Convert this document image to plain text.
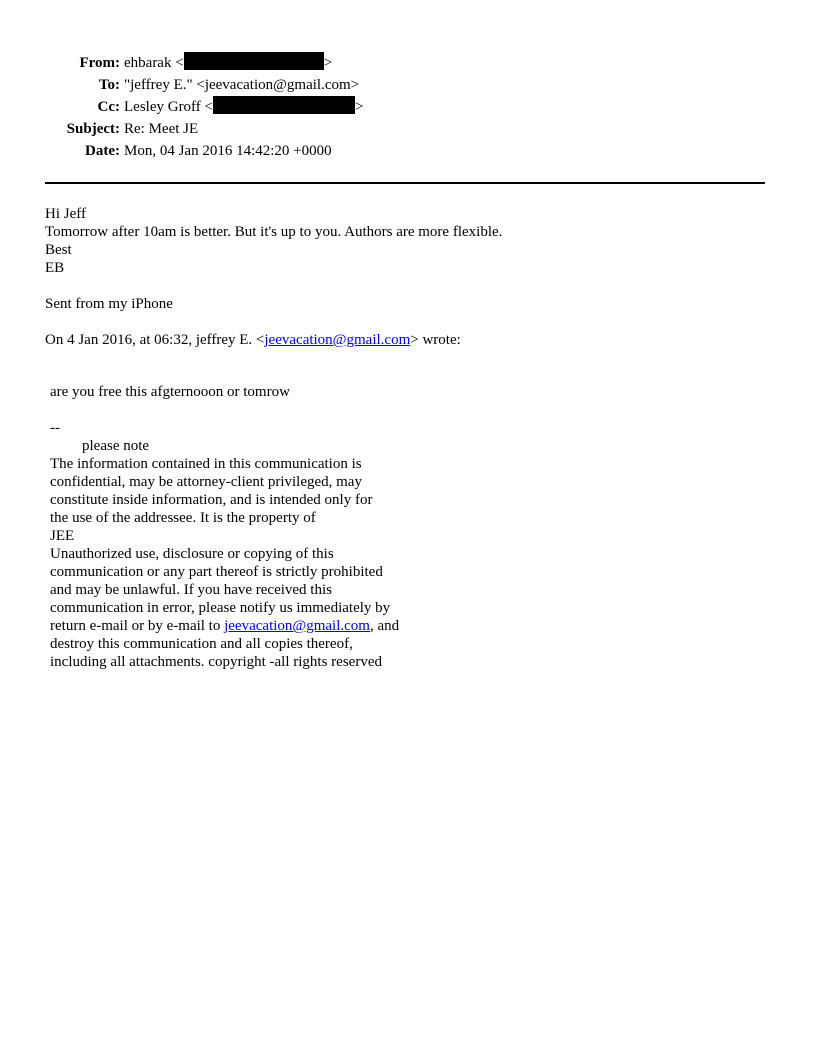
From:	ehbarak < >
To:	"jeffrey E." <jeevacation@gmail.com>
Cc:	Lesley Groff < >
Subject:	Re: Meet JE
Date:	Mon, 04 Jan 2016 14:42:20 +0000

Hi Jeff

Tomorrow after 10am is better. But it's up to you. Authors are more flexible.

Best

EB

Sent from my iPhone

On 4 Jan 2016, at 06:32, jeffrey E. <jeevacation@gmail.com> wrote:

are you free this afgternooon or tomrow

--

please note

The information contained in this communication is

confidential, may be attorney-client privileged, may

constitute inside information, and is intended only for

the use of the addressee. It is the property of

JEE

Unauthorized use, disclosure or copying of this

communication or any part thereof is strictly prohibited

and may be unlawful. If you have received this

communication in error, please notify us immediately by

return e-mail or by e-mail to jeevacation@gmail.com, and

destroy this communication and all copies thereof,

including all attachments. copyright -all rights reserved
